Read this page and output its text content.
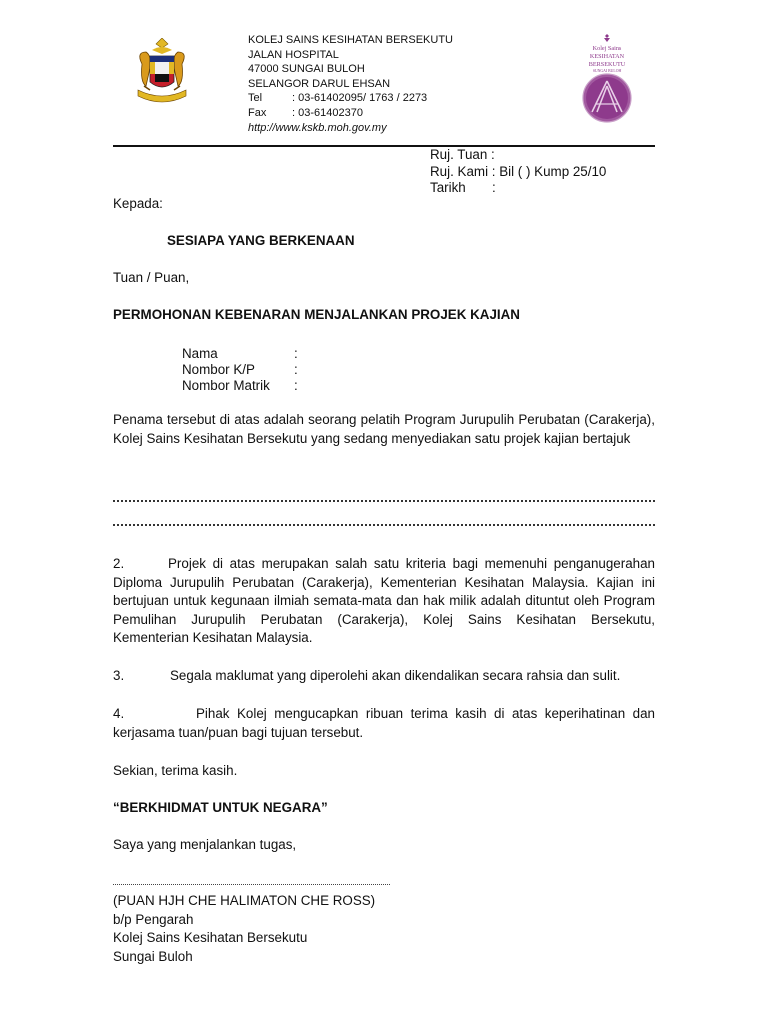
Kolej Sains
KESIHATAN
BERSEKUTU
SUNGAI BULOH
KOLEJ SAINS KESIHATAN BERSEKUTU
JALAN HOSPITAL
47000 SUNGAI BULOH
SELANGOR DARUL EHSAN
Tel	: 03-61402095/ 1763 / 2273
Fax : 03-61402370
http://www.kskb.moh.gov.my
Ruj. Tuan :
Ruj. Kami : Bil ( ) Kump 25/10
Tarikh :
Kepada:
SESIAPA YANG BERKENAAN
Tuan / Puan,
PERMOHONAN KEBENARAN MENJALANKAN PROJEK KAJIAN
Nama	:
Nombor K/P	:
Nombor Matrik :
Penama tersebut di atas adalah seorang pelatih Program Jurupulih Perubatan (Carakerja), Kolej Sains Kesihatan Bersekutu yang sedang menyediakan satu projek kajian bertajuk
2.	Projek di atas merupakan salah satu kriteria bagi memenuhi penganugerahan Diploma Jurupulih Perubatan (Carakerja), Kementerian Kesihatan Malaysia. Kajian ini bertujuan untuk kegunaan ilmiah semata-mata dan hak milik adalah dituntut oleh Program Pemulihan Jurupulih Perubatan (Carakerja), Kolej Sains Kesihatan Bersekutu, Kementerian Kesihatan Malaysia.
3.	Segala maklumat yang diperolehi akan dikendalikan secara rahsia dan sulit.
4.	Pihak Kolej mengucapkan ribuan terima kasih di atas keperihatinan dan kerjasama tuan/puan bagi tujuan tersebut.
Sekian, terima kasih.
“BERKHIDMAT UNTUK NEGARA”
Saya yang menjalankan tugas,
(PUAN HJH CHE HALIMATON CHE ROSS)
b/p Pengarah
Kolej Sains Kesihatan Bersekutu
Sungai Buloh
